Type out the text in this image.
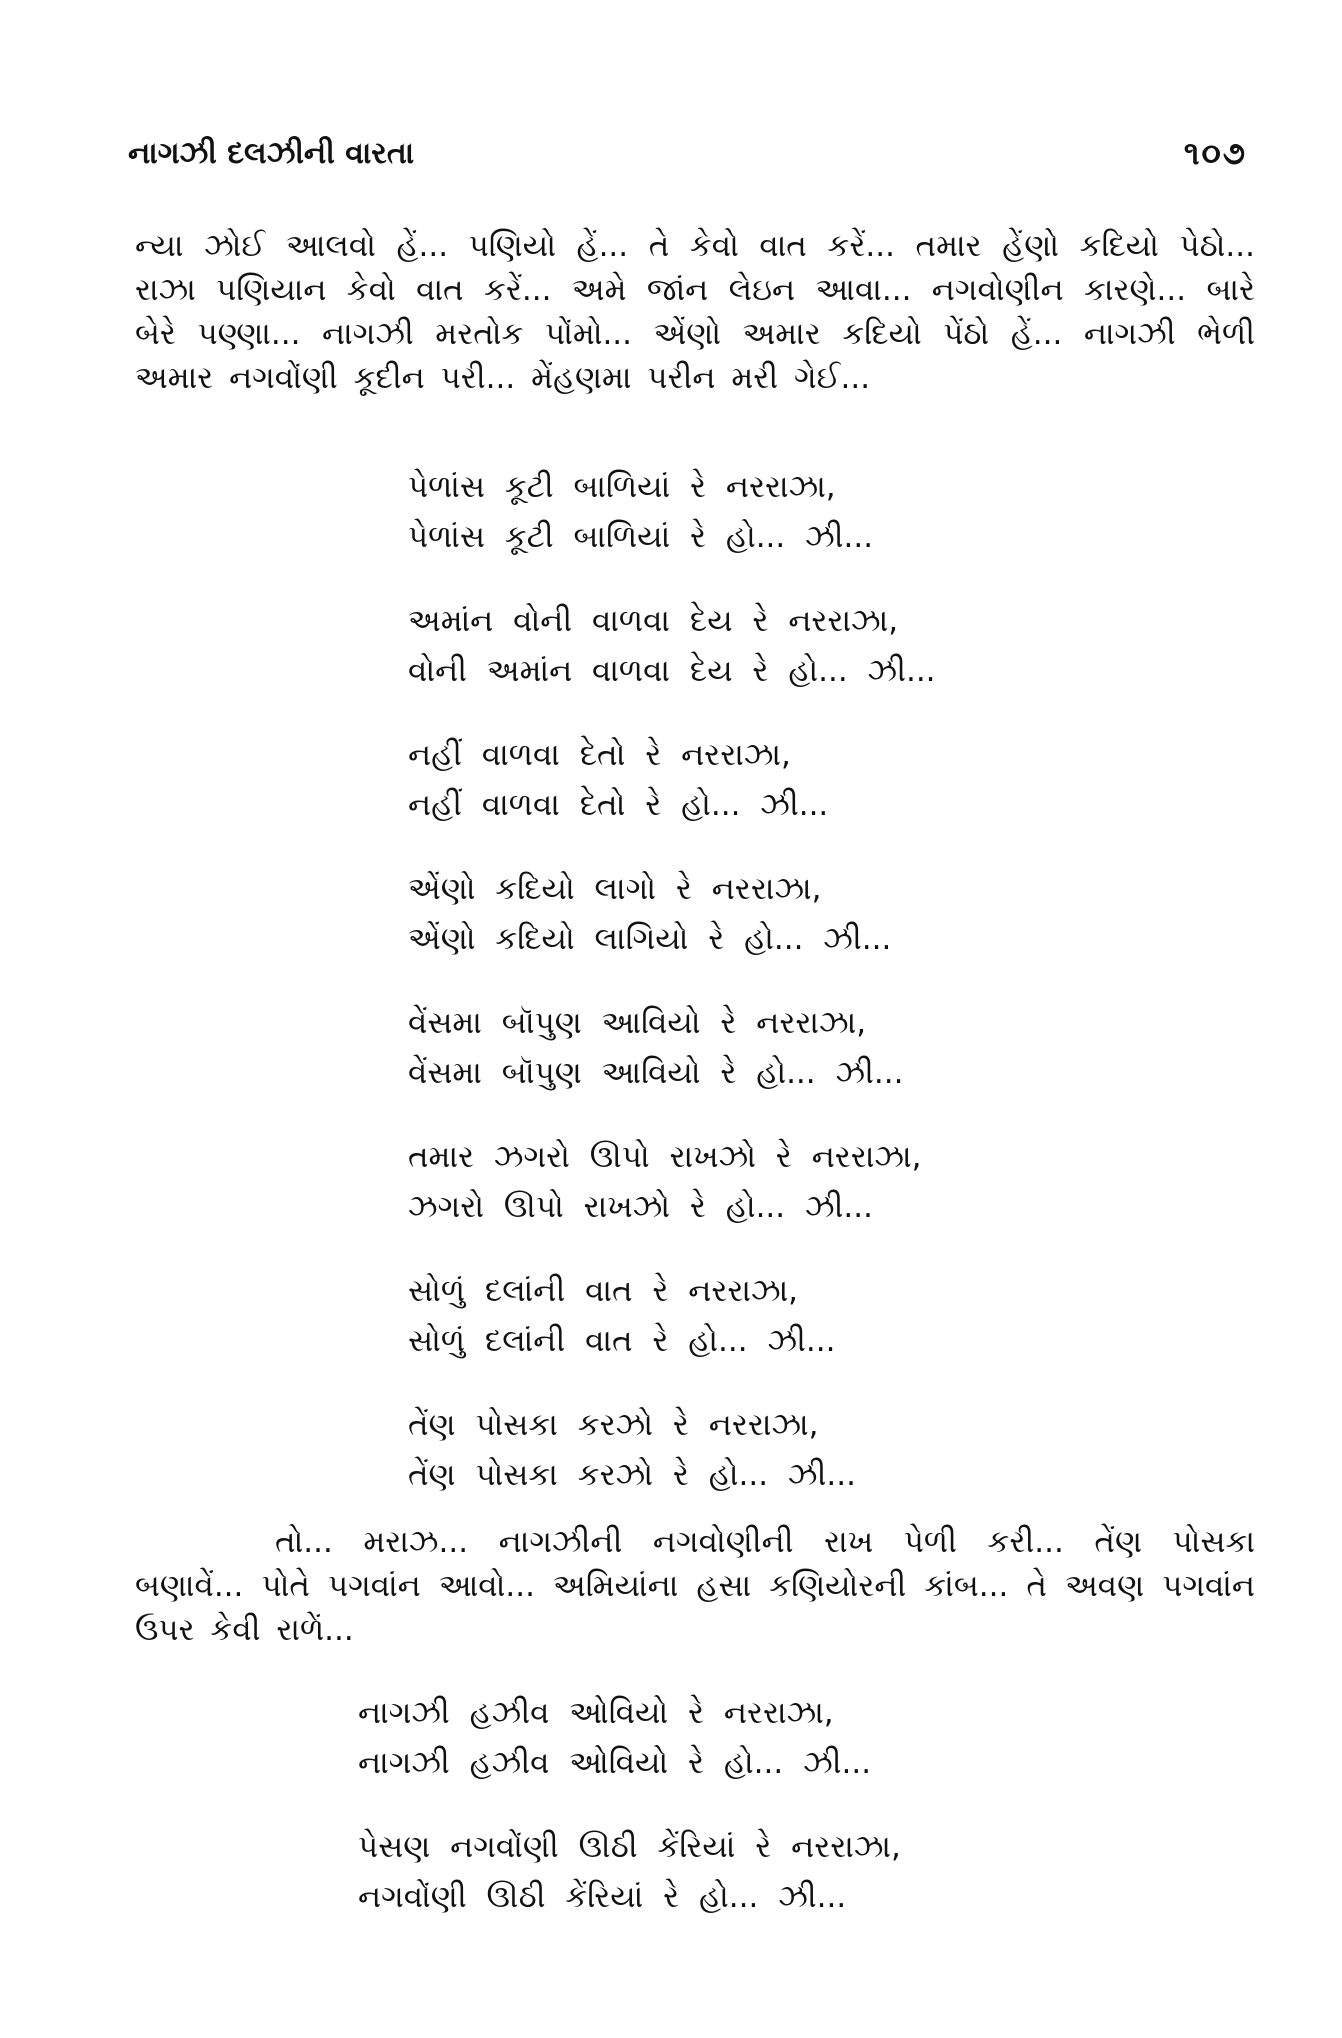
નાગઝી દલઝીની વારતા	૧૦૭

ન્યા ઝોઈ આલવો હેં... પણિયો હેં... તે કેવો વાત કરેં... તમાર હેંણો કદિયો પેઠો... રાઝા પણિયાન કેવો વાત કરેં... અમે જાંન લેઇન આવા... નગવોણીન કારણે... બારે બેરે પણ્ણા... નાગઝી મરતોક પોંમો... એંણો અમાર કદિયો પેંઠો હેં... નાગઝી ભેળી અમાર નગવોંણી કૂદીન પરી... મેંહણમા પરીન મરી ગેઈ...

પેળાંસ કૂટી બાળિયાં રે નરરાઝા,
પેળાંસ કૂટી બાળિયાં રે હો... ઝી...
અમાંન વોની વાળવા દેય રે નરરાઝા,
વોની અમાંન વાળવા દેય રે હો... ઝી...
નહીં વાળવા દેતો રે નરરાઝા,
નહીં વાળવા દેતો રે હો... ઝી...
એંણો કદિયો લાગો રે નરરાઝા,
એંણો કદિયો લાગિયો રે હો... ઝી...
વેંસમા બૉપુણ આવિયો રે નરરાઝા,
વેંસમા બૉપુણ આવિયો રે હો... ઝી...
તમાર ઝગરો ઊપો રાખઝો રે નરરાઝા,
ઝગરો ઊપો રાખઝો રે હો... ઝી...
સોળું દલાંની વાત રે નરરાઝા,
સોળું દલાંની વાત રે હો... ઝી...
તેંણ પોસકા કરઝો રે નરરાઝા,
તેંણ પોસકા કરઝો રે હો... ઝી...

તો... મરાઝ... નાગઝીની નગવોણીની રાખ પેળી કરી... તેંણ પોસકા બણાવેં... પોતે પગવાંન આવો... અમિયાંના હસા કણિયોરની કાંબ... તે અવણ પગવાંન ઉપર કેવી રાળેં...

નાગઝી હઝીવ ઓવિયો રે નરરાઝા,
નાગઝી હઝીવ ઓવિયો રે હો... ઝી...
પેસણ નગવોંણી ઊઠી કેંરિયાં રે નરરાઝા,
નગવોંણી ઊઠી કેંરિયાં રે હો... ઝી...
